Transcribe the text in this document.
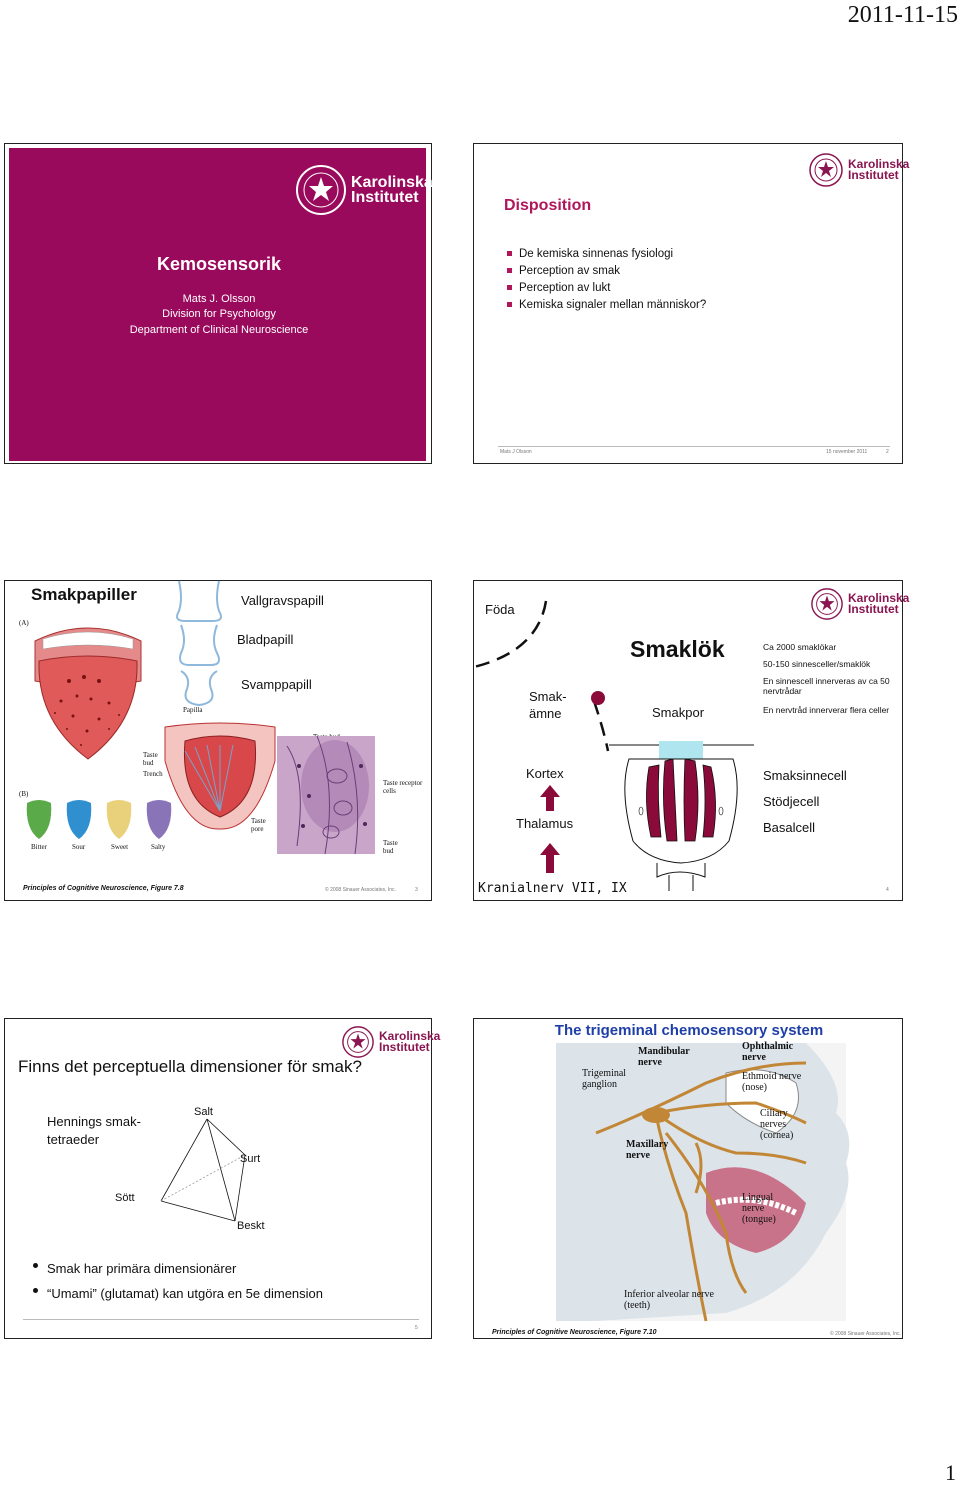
2011-11-15
Karolinska
Institutet
Kemosensorik
Mats J. Olsson
Division for Psychology
Department of Clinical Neuroscience
Karolinska
Institutet
Disposition
De kemiska sinnenas fysiologi
Perception av smak
Perception av lukt
Kemiska signaler mellan människor?
Mats J Olsson	15 november 2011	2
Smakpapiller	Vallgravspapill
Bladpapill
Svamppapill
(A)
Papilla
Taste bud
Trench
Taste receptor cells
Taste pore
Taste bud
(B)
Bitter	Sour	Sweet	Salty
Principles of Cognitive Neuroscience, Figure 7.8	© 2008 Sinauer Associates, Inc.	3
Föda
Karolinska
Institutet
Smak-ämne
Smaklök
Smakpor
Ca 2000 smaklökar
50-150 sinnesceller/smaklök
En sinnescell innerveras av ca 50 nervtrådar
En nervtråd innerverar flera celler
Kortex
Thalamus
Kranialnerv VII, IX
Smaksinnecell
Stödjecell
Basalcell
4
Karolinska
Institutet
Finns det perceptuella dimensioner för smak?
Hennings smak-tetraeder
Salt
Surt
Sött
Beskt
Smak har primära dimensionärer
“Umami” (glutamat) kan utgöra en 5e dimension
5
The trigeminal chemosensory system
Mandibular nerve
Trigeminal ganglion
Ophthalmic nerve
Ethmoid nerve (nose)
Ciliary nerves (cornea)
Maxillary nerve
Lingual nerve (tongue)
Inferior alveolar nerve (teeth)
Principles of Cognitive Neuroscience, Figure 7.10	© 2008 Sinauer Associates, Inc.
1
